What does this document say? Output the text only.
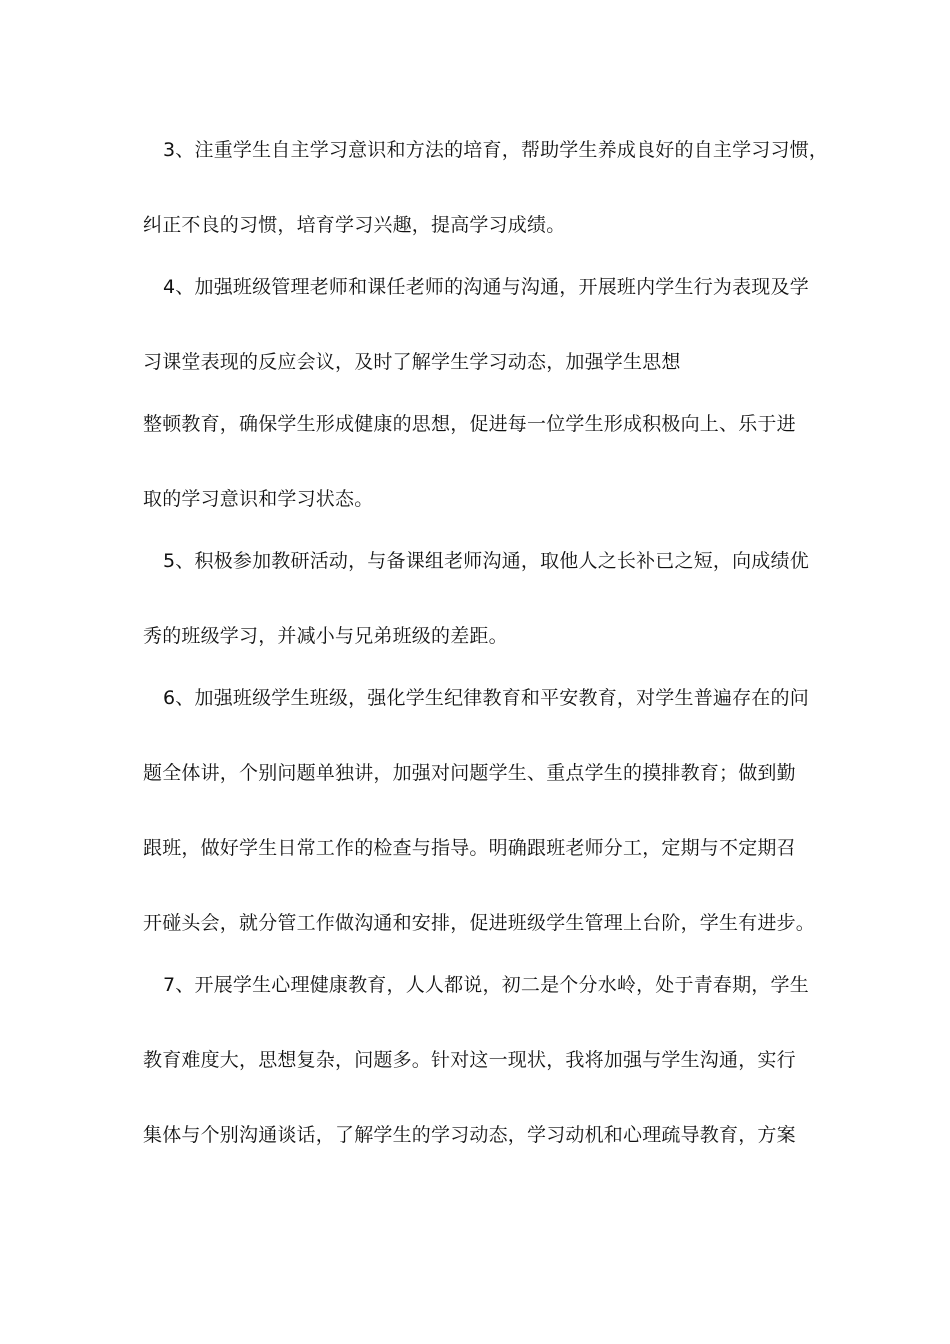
3、注重学生自主学习意识和方法的培育，帮助学生养成良好的自主学习习惯，
纠正不良的习惯，培育学习兴趣，提高学习成绩。
4、加强班级管理老师和课任老师的沟通与沟通，开展班内学生行为表现及学
习课堂表现的反应会议，及时了解学生学习动态，加强学生思想
整顿教育，确保学生形成健康的思想，促进每一位学生形成积极向上、乐于进
取的学习意识和学习状态。
5、积极参加教研活动，与备课组老师沟通，取他人之长补已之短，向成绩优
秀的班级学习，并减小与兄弟班级的差距。
6、加强班级学生班级，强化学生纪律教育和平安教育，对学生普遍存在的问
题全体讲，个别问题单独讲，加强对问题学生、重点学生的摸排教育；做到勤
跟班，做好学生日常工作的检查与指导。明确跟班老师分工，定期与不定期召
开碰头会，就分管工作做沟通和安排，促进班级学生管理上台阶，学生有进步。
7、开展学生心理健康教育，人人都说，初二是个分水岭，处于青春期，学生
教育难度大，思想复杂，问题多。针对这一现状，我将加强与学生沟通，实行
集体与个别沟通谈话，了解学生的学习动态，学习动机和心理疏导教育，方案
